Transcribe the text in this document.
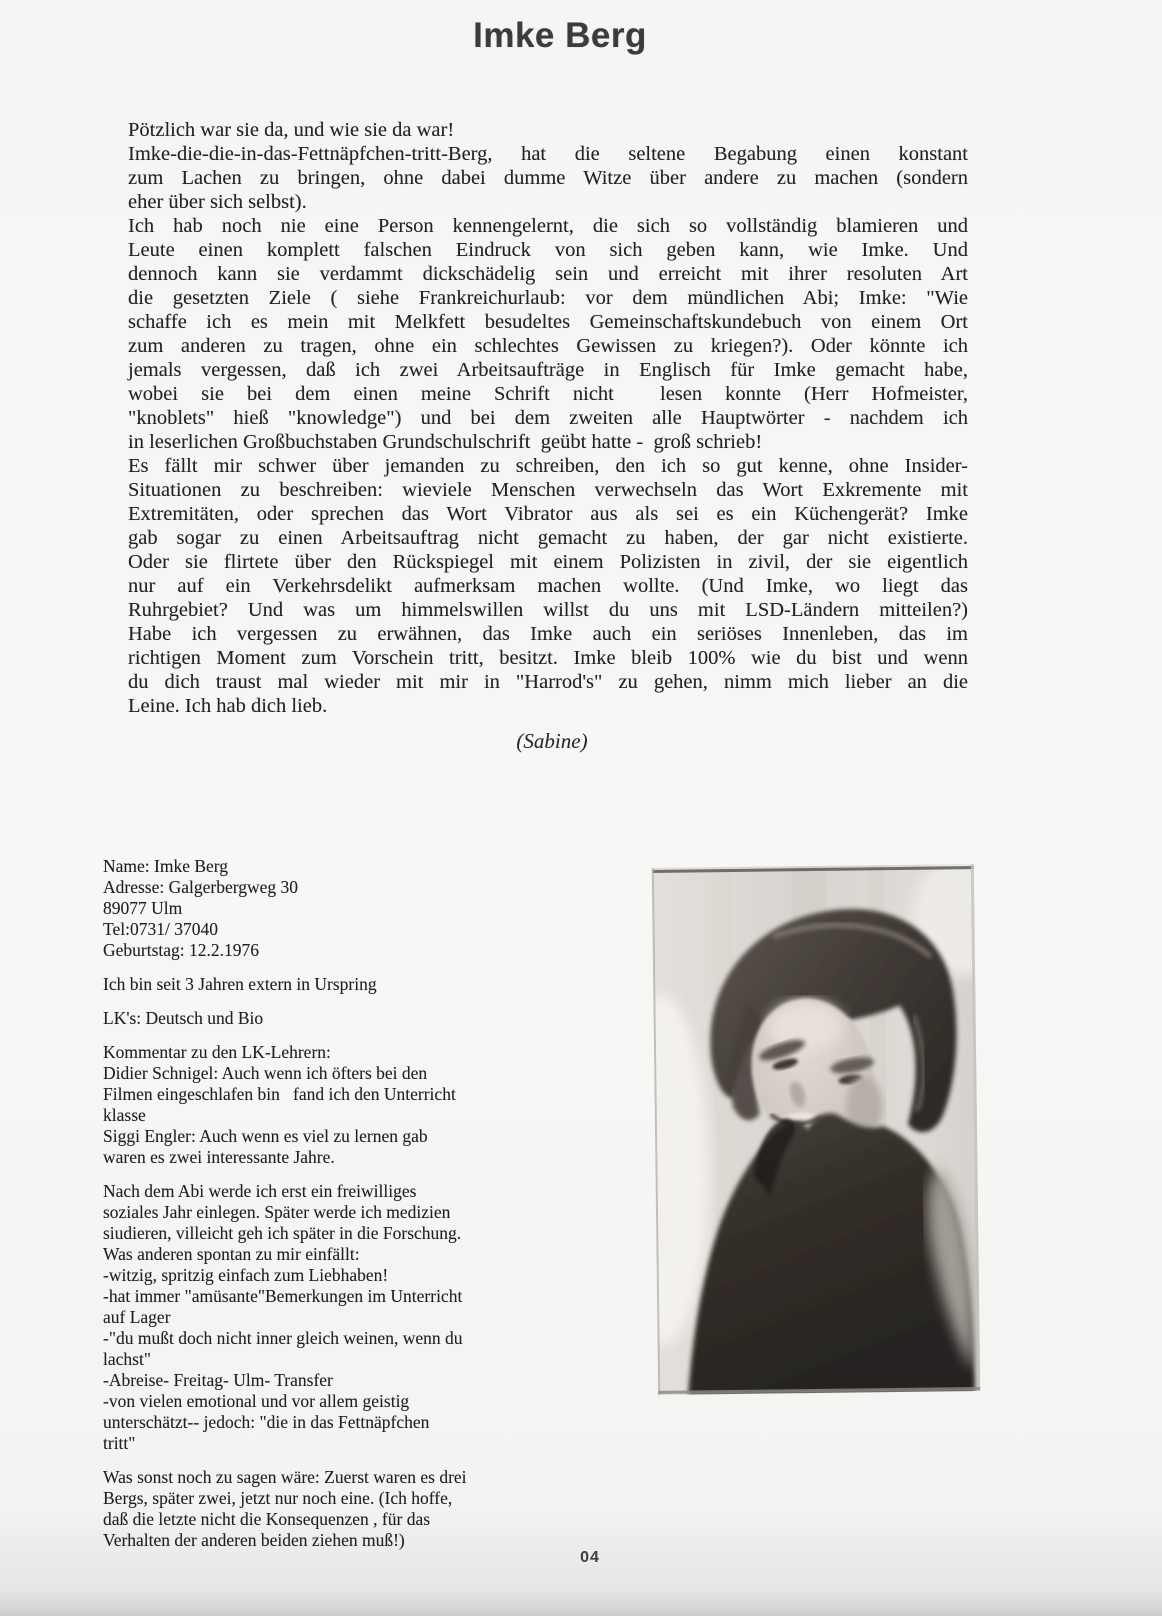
Imke Berg
Pötzlich war sie da, und wie sie da war!
Imke-die-die-in-das-Fettnäpfchen-tritt-Berg, hat die seltene Begabung einen konstant
zum Lachen zu bringen, ohne dabei dumme Witze über andere zu machen (sondern
eher über sich selbst).
Ich hab noch nie eine Person kennengelernt, die sich so vollständig blamieren und
Leute einen komplett falschen Eindruck von sich geben kann, wie Imke. Und
dennoch kann sie verdammt dickschädelig sein und erreicht mit ihrer resoluten Art
die gesetzten Ziele ( siehe Frankreichurlaub: vor dem mündlichen Abi; Imke: "Wie
schaffe ich es mein mit Melkfett besudeltes Gemeinschaftskundebuch von einem Ort
zum anderen zu tragen, ohne ein schlechtes Gewissen zu kriegen?). Oder könnte ich
jemals vergessen, daß ich zwei Arbeitsaufträge in Englisch für Imke gemacht habe,
wobei sie bei dem einen meine Schrift nicht  lesen konnte (Herr Hofmeister,
"knoblets" hieß "knowledge") und bei dem zweiten alle Hauptwörter - nachdem ich
in leserlichen Großbuchstaben Grundschulschrift  geübt hatte -  groß schrieb!
Es fällt mir schwer über jemanden zu schreiben, den ich so gut kenne, ohne Insider-
Situationen zu beschreiben: wieviele Menschen verwechseln das Wort Exkremente mit
Extremitäten, oder sprechen das Wort Vibrator aus als sei es ein Küchengerät? Imke
gab sogar zu einen Arbeitsauftrag nicht gemacht zu haben, der gar nicht existierte.
Oder sie flirtete über den Rückspiegel mit einem Polizisten in zivil, der sie eigentlich
nur auf ein Verkehrsdelikt aufmerksam machen wollte. (Und Imke, wo liegt das
Ruhrgebiet? Und was um himmelswillen willst du uns mit LSD-Ländern mitteilen?)
Habe ich vergessen zu erwähnen, das Imke auch ein seriöses Innenleben, das im
richtigen Moment zum Vorschein tritt, besitzt. Imke bleib 100% wie du bist und wenn
du dich traust mal wieder mit mir in "Harrod's" zu gehen, nimm mich lieber an die
Leine. Ich hab dich lieb.
(Sabine)
Name: Imke Berg
Adresse: Galgerbergweg 30
89077 Ulm
Tel:0731/ 37040
Geburtstag: 12.2.1976
Ich bin seit 3 Jahren extern in Urspring
LK's: Deutsch und Bio
Kommentar zu den LK-Lehrern:
Didier Schnigel: Auch wenn ich öfters bei den
Filmen eingeschlafen bin   fand ich den Unterricht
klasse
Siggi Engler: Auch wenn es viel zu lernen gab
waren es zwei interessante Jahre.
Nach dem Abi werde ich erst ein freiwilliges
soziales Jahr einlegen. Später werde ich medizien
siudieren, villeicht geh ich später in die Forschung.
Was anderen spontan zu mir einfällt:
-witzig, spritzig einfach zum Liebhaben!
-hat immer "amüsante"Bemerkungen im Unterricht
auf Lager
-"du mußt doch nicht inner gleich weinen, wenn du
lachst"
-Abreise- Freitag- Ulm- Transfer
-von vielen emotional und vor allem geistig
unterschätzt-- jedoch: "die in das Fettnäpfchen
tritt"
Was sonst noch zu sagen wäre: Zuerst waren es drei
Bergs, später zwei, jetzt nur noch eine. (Ich hoffe,
daß die letzte nicht die Konsequenzen , für das
Verhalten der anderen beiden ziehen muß!)
04
